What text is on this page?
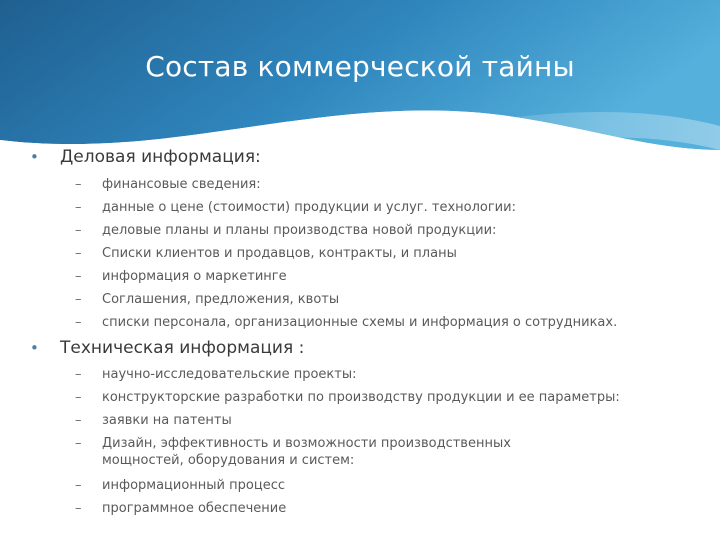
Состав коммерческой тайны
•	Деловая информация:
–	финансовые сведения:
–	данные о цене (стоимости) продукции и услуг. технологии:
–	деловые планы и планы производства новой продукции:
–	Списки клиентов и продавцов, контракты, и планы
–	информация о маркетинге
–	Соглашения, предложения, квоты
–	списки персонала, организационные схемы и информация о сотрудниках.
•	Техническая информация :
–	научно-исследовательские проекты:
–	конструкторские разработки по производству продукции и ее параметры:
–	заявки на патенты
–	Дизайн, эффективность и возможности производственных мощностей, оборудования и систем:
–	информационный процесс
–	программное обеспечение
